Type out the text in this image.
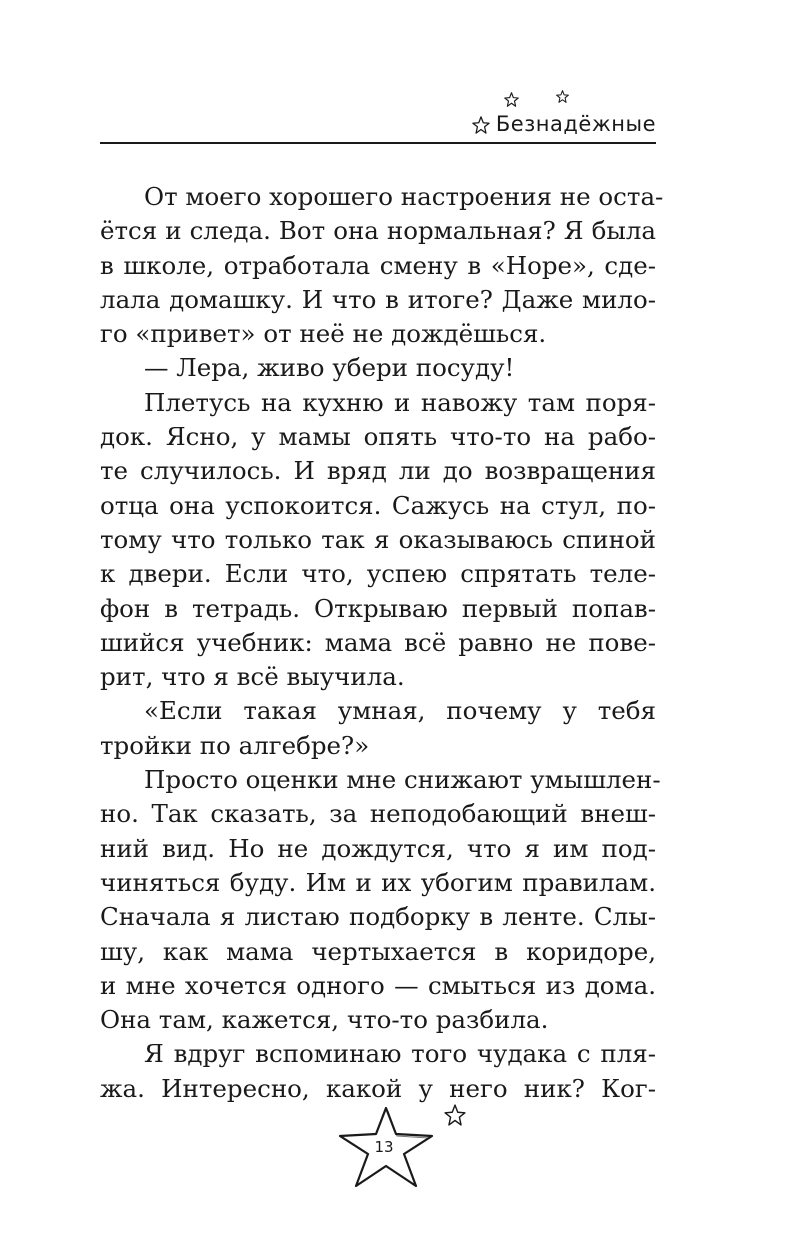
Безнадёжные
От моего хорошего настроения не оста-
ётся и следа. Вот она нормальная? Я была
в школе, отработала смену в «Норе», сде-
лала домашку. И что в итоге? Даже мило-
го «привет» от неё не дождёшься.
— Лера, живо убери посуду!
Плетусь на кухню и навожу там поря-
док. Ясно, у мамы опять что-то на рабо-
те случилось. И вряд ли до возвращения
отца она успокоится. Сажусь на стул, по-
тому что только так я оказываюсь спиной
к двери. Если что, успею спрятать теле-
фон в тетрадь. Открываю первый попав-
шийся учебник: мама всё равно не пове-
рит, что я всё выучила.
«Если такая умная, почему у тебя
тройки по алгебре?»
Просто оценки мне снижают умышлен-
но. Так сказать, за неподобающий внеш-
ний вид. Но не дождутся, что я им под-
чиняться буду. Им и их убогим правилам.
Сначала я листаю подборку в ленте. Слы-
шу, как мама чертыхается в коридоре,
и мне хочется одного — смыться из дома.
Она там, кажется, что-то разбила.
Я вдруг вспоминаю того чудака с пля-
жа. Интересно, какой у него ник? Ког-
13
